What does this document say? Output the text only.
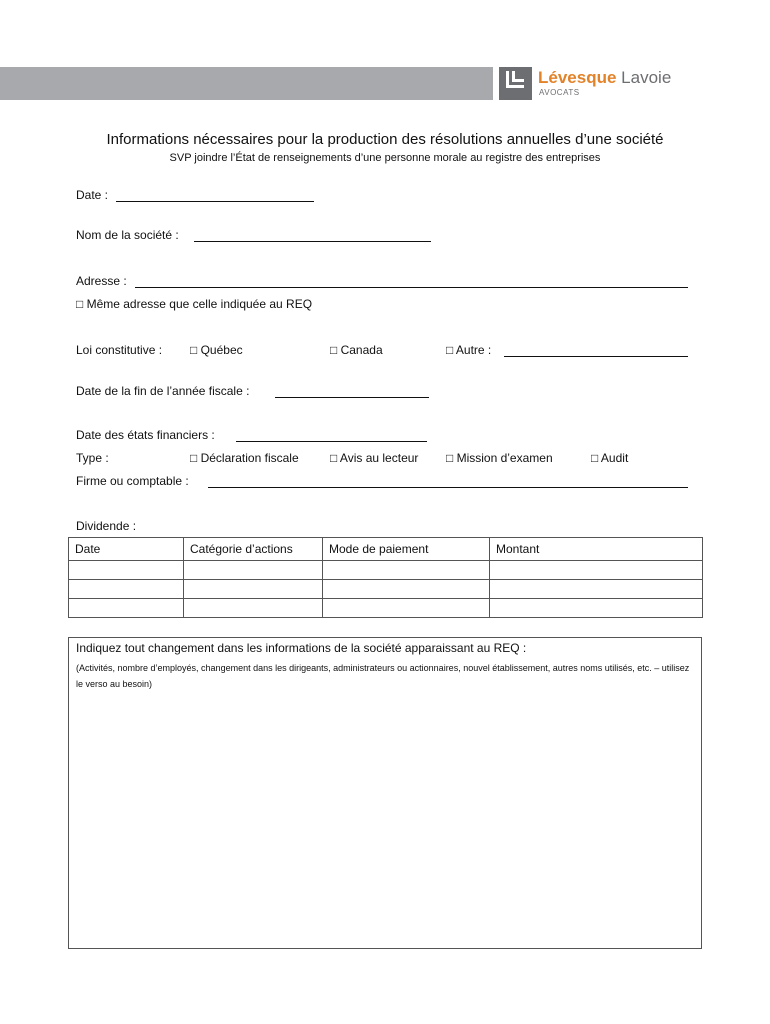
Lévesque Lavoie
AVOCATS
Informations nécessaires pour la production des résolutions annuelles d’une société
SVP joindre l’État de renseignements d’une personne morale au registre des entreprises
Date :
Nom de la société :
Adresse :
□ Même adresse que celle indiquée au REQ
Loi constitutive : □ Québec	□ Canada	□ Autre :
Date de la fin de l’année fiscale :
Date des états financiers :
Type :	□ Déclaration fiscale	□ Avis au lecteur □ Mission d’examen	□ Audit
Firme ou comptable :
Dividende :
Date	Catégorie d’actions	Mode de paiement	Montant

Indiquez tout changement dans les informations de la société apparaissant au REQ :
(Activités, nombre d’employés, changement dans les dirigeants, administrateurs ou actionnaires, nouvel établissement, autres noms utilisés, etc. – utilisez le verso au besoin)
